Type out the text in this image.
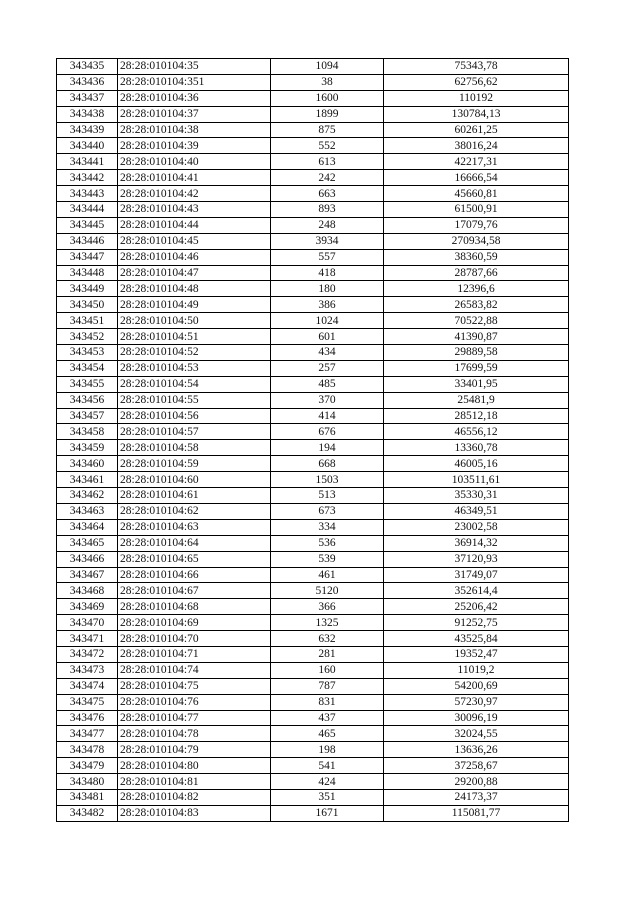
343435	28:28:010104:35	1094	75343,78
343436	28:28:010104:351	38	62756,62
343437	28:28:010104:36	1600	110192
343438	28:28:010104:37	1899	130784,13
343439	28:28:010104:38	875	60261,25
343440	28:28:010104:39	552	38016,24
343441	28:28:010104:40	613	42217,31
343442	28:28:010104:41	242	16666,54
343443	28:28:010104:42	663	45660,81
343444	28:28:010104:43	893	61500,91
343445	28:28:010104:44	248	17079,76
343446	28:28:010104:45	3934	270934,58
343447	28:28:010104:46	557	38360,59
343448	28:28:010104:47	418	28787,66
343449	28:28:010104:48	180	12396,6
343450	28:28:010104:49	386	26583,82
343451	28:28:010104:50	1024	70522,88
343452	28:28:010104:51	601	41390,87
343453	28:28:010104:52	434	29889,58
343454	28:28:010104:53	257	17699,59
343455	28:28:010104:54	485	33401,95
343456	28:28:010104:55	370	25481,9
343457	28:28:010104:56	414	28512,18
343458	28:28:010104:57	676	46556,12
343459	28:28:010104:58	194	13360,78
343460	28:28:010104:59	668	46005,16
343461	28:28:010104:60	1503	103511,61
343462	28:28:010104:61	513	35330,31
343463	28:28:010104:62	673	46349,51
343464	28:28:010104:63	334	23002,58
343465	28:28:010104:64	536	36914,32
343466	28:28:010104:65	539	37120,93
343467	28:28:010104:66	461	31749,07
343468	28:28:010104:67	5120	352614,4
343469	28:28:010104:68	366	25206,42
343470	28:28:010104:69	1325	91252,75
343471	28:28:010104:70	632	43525,84
343472	28:28:010104:71	281	19352,47
343473	28:28:010104:74	160	11019,2
343474	28:28:010104:75	787	54200,69
343475	28:28:010104:76	831	57230,97
343476	28:28:010104:77	437	30096,19
343477	28:28:010104:78	465	32024,55
343478	28:28:010104:79	198	13636,26
343479	28:28:010104:80	541	37258,67
343480	28:28:010104:81	424	29200,88
343481	28:28:010104:82	351	24173,37
343482	28:28:010104:83	1671	115081,77
